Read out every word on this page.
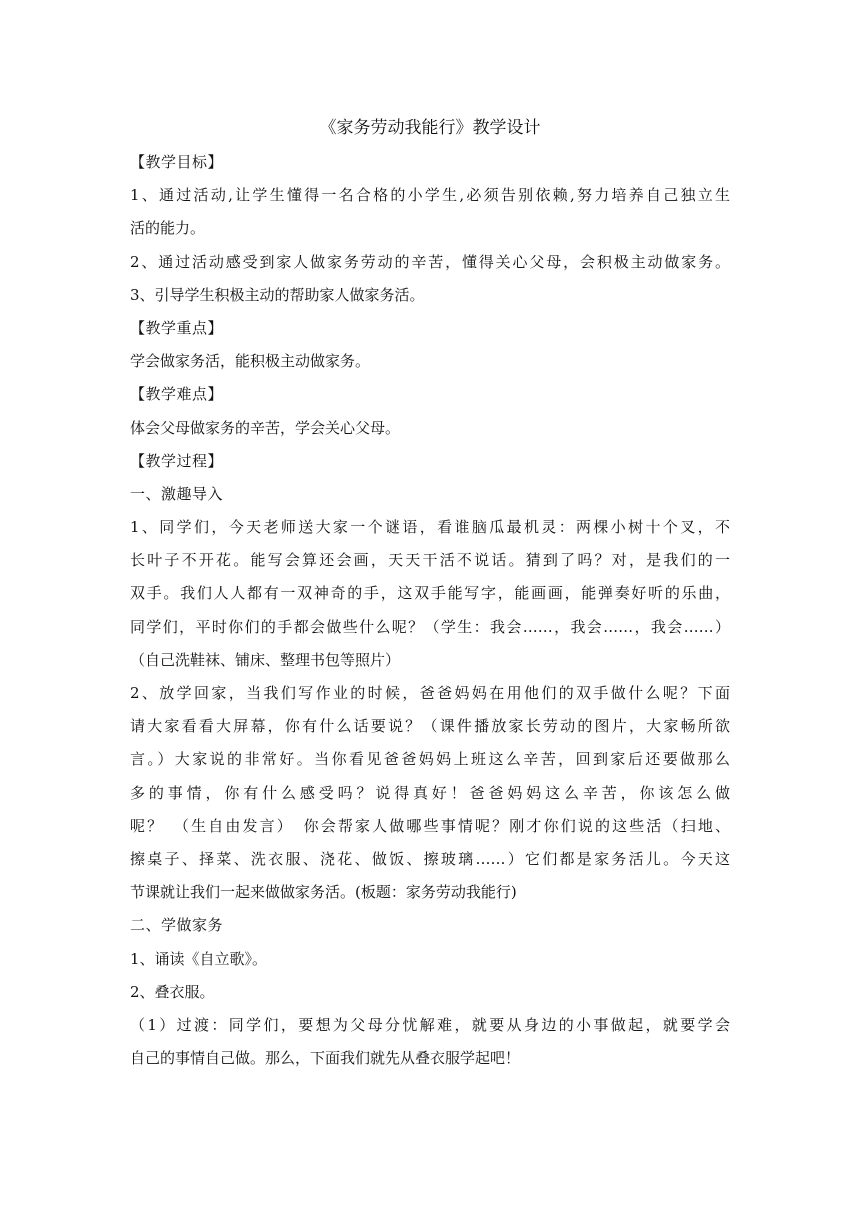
《家务劳动我能行》教学设计
【教学目标】
1、通过活动,让学生懂得一名合格的小学生,必须告别依赖,努力培养自己独立生
活的能力。
2、通过活动感受到家人做家务劳动的辛苦，懂得关心父母，会积极主动做家务。
3、引导学生积极主动的帮助家人做家务活。
【教学重点】
学会做家务活，能积极主动做家务。
【教学难点】
体会父母做家务的辛苦，学会关心父母。
【教学过程】
一、激趣导入
1、同学们，今天老师送大家一个谜语，看谁脑瓜最机灵：两棵小树十个叉，不
长叶子不开花。能写会算还会画，天天干活不说话。猜到了吗？对，是我们的一
双手。我们人人都有一双神奇的手，这双手能写字，能画画，能弹奏好听的乐曲，
同学们，平时你们的手都会做些什么呢？（学生：我会……，我会……，我会……）
（自己洗鞋袜、铺床、整理书包等照片）
2、放学回家，当我们写作业的时候，爸爸妈妈在用他们的双手做什么呢？下面
请大家看看大屏幕，你有什么话要说？（课件播放家长劳动的图片，大家畅所欲
言。）大家说的非常好。当你看见爸爸妈妈上班这么辛苦，回到家后还要做那么
多的事情，你有什么感受吗？说得真好！爸爸妈妈这么辛苦，你该怎么做
呢？　（生自由发言）　你会帮家人做哪些事情呢？刚才你们说的这些活（扫地、
擦桌子、择菜、洗衣服、浇花、做饭、擦玻璃……）它们都是家务活儿。今天这
节课就让我们一起来做做家务活。(板题：家务劳动我能行)
二、学做家务
1、诵读《自立歌》。
2、叠衣服。
（1）过渡：同学们，要想为父母分忧解难，就要从身边的小事做起，就要学会
自己的事情自己做。那么，下面我们就先从叠衣服学起吧！
